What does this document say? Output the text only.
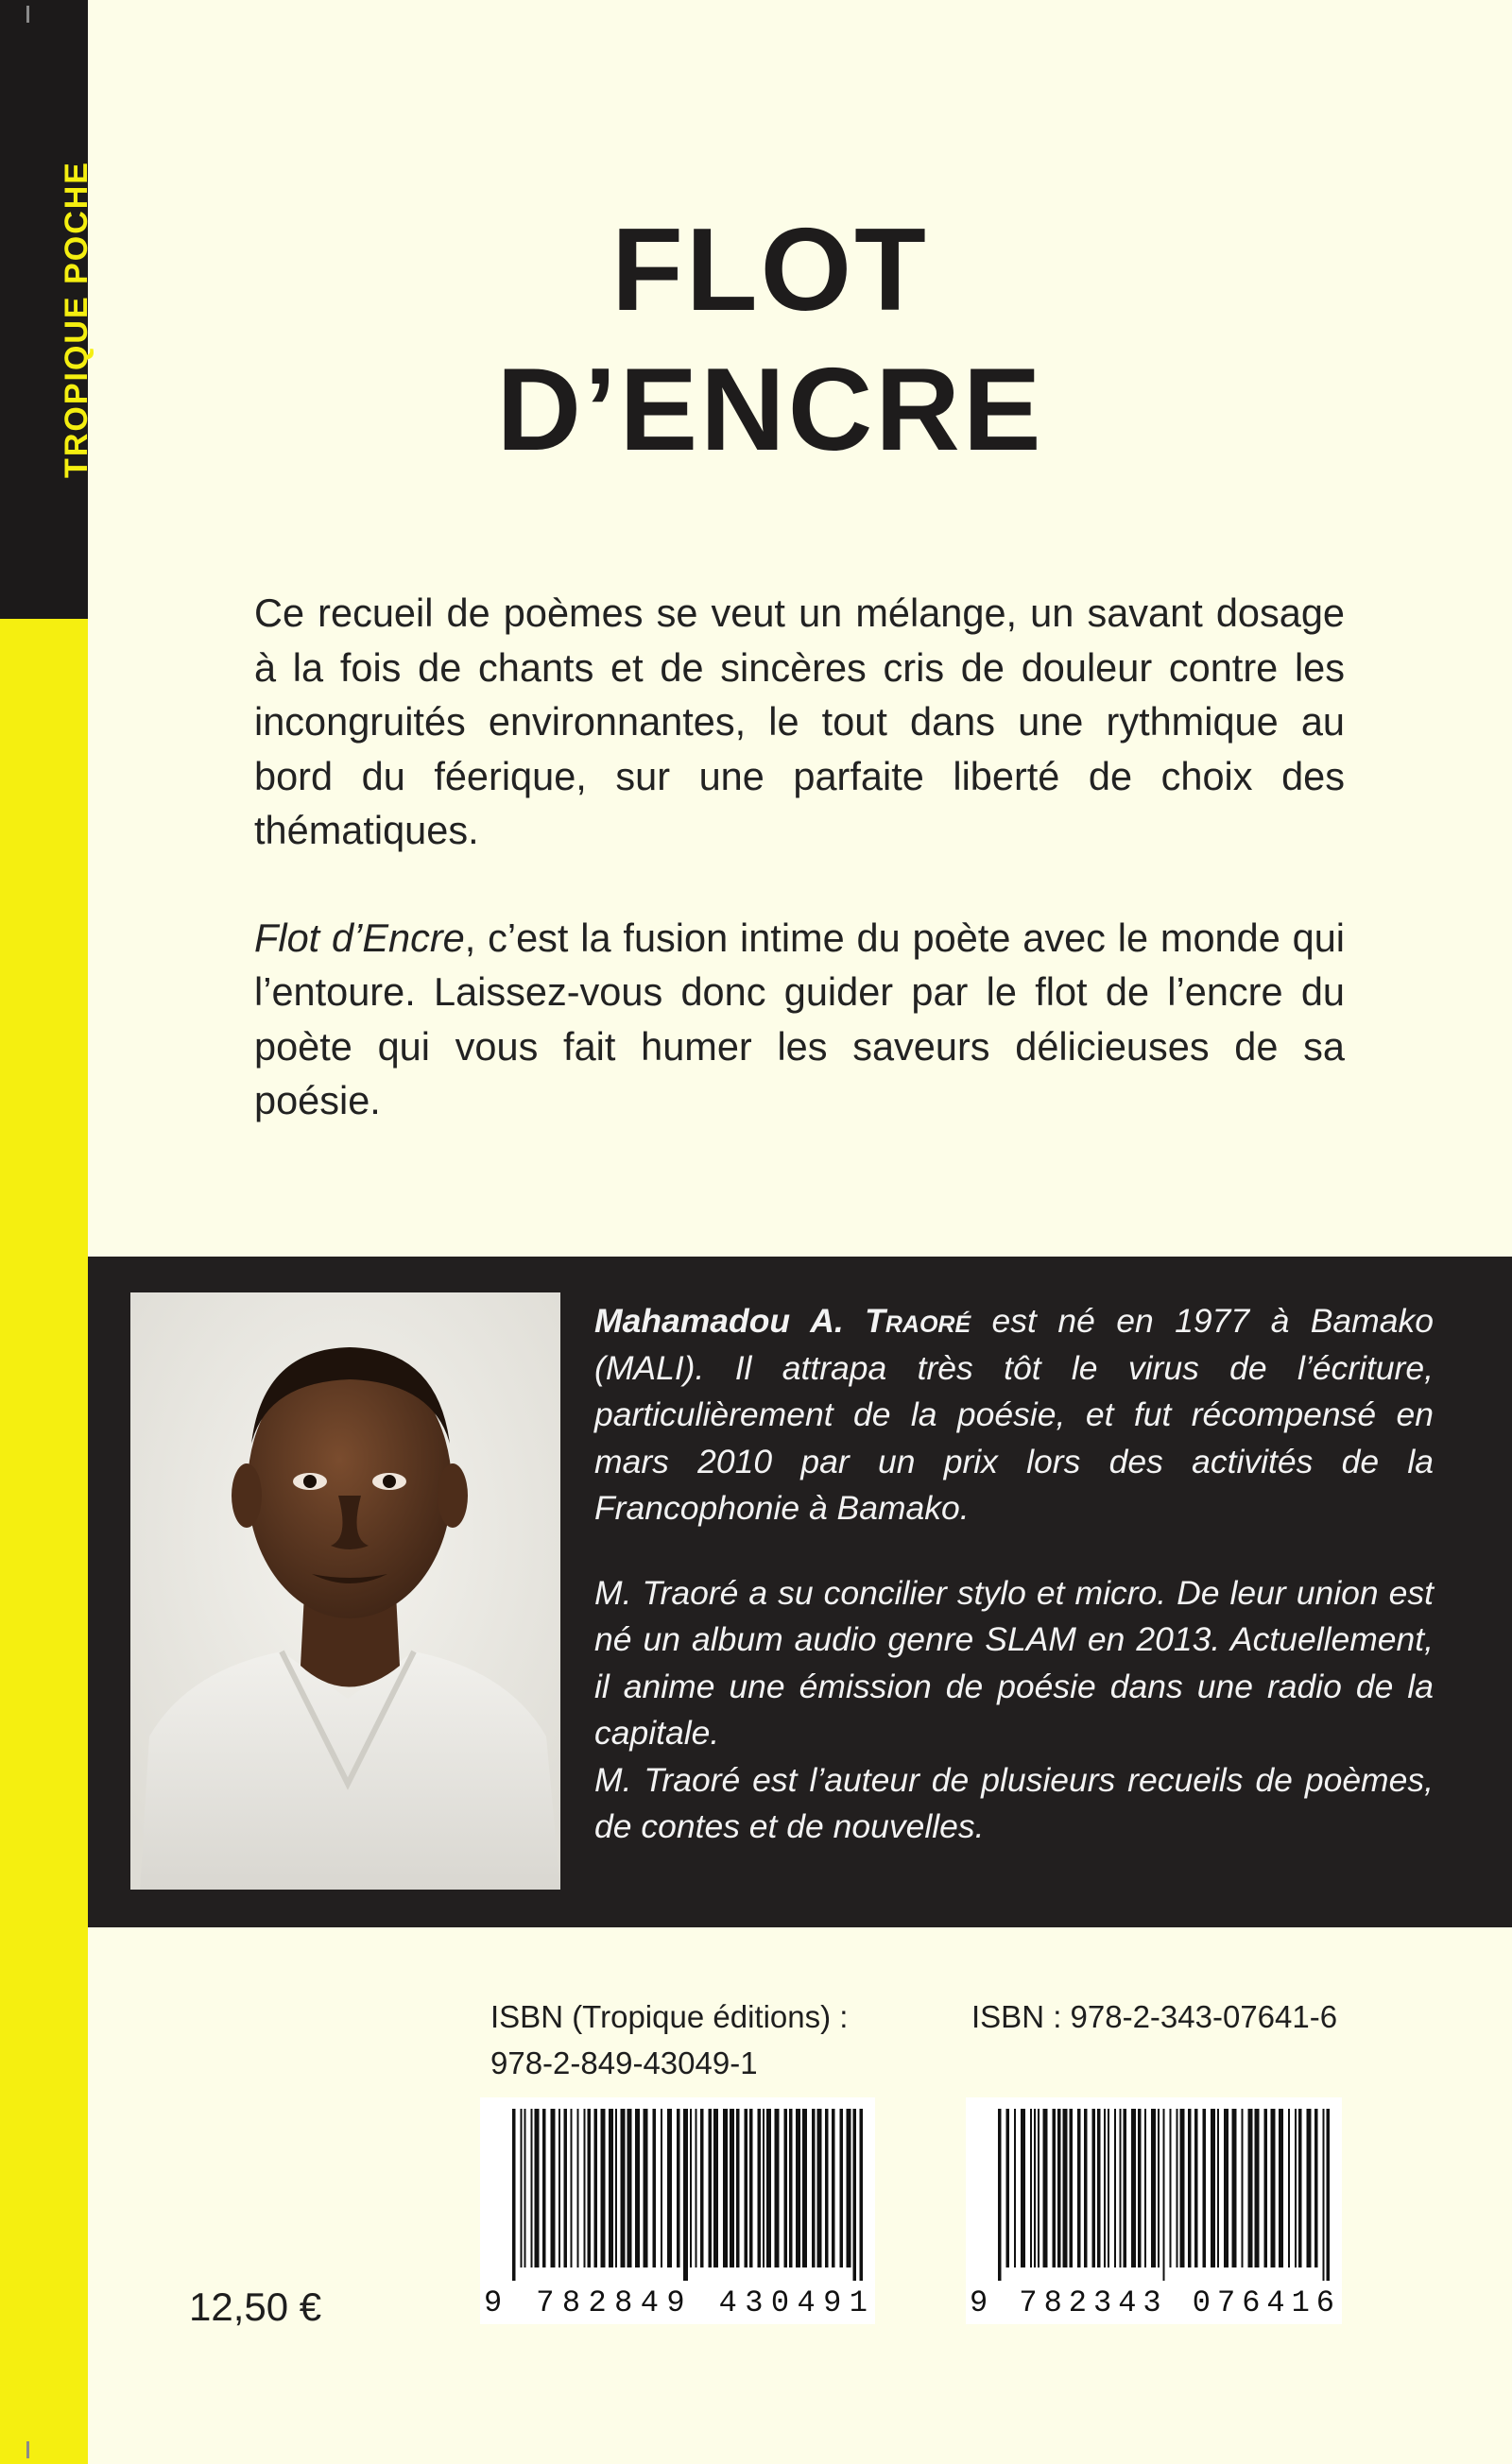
TROPIQUE POCHE	FLOT
D’ENCRE

Ce recueil de poèmes se veut un mélange, un savant dosage à la fois de chants et de sincères cris de douleur contre les incongruités environnantes, le tout dans une rythmique au bord du féerique, sur une parfaite liberté de choix des thématiques.

Flot d’Encre, c’est la fusion intime du poète avec le monde qui l’entoure. Laissez-vous donc guider par le flot de l’encre du poète qui vous fait humer les saveurs délicieuses de sa poésie.

Mahamadou A. Traoré est né en 1977 à Bamako (MALI). Il attrapa très tôt le virus de l’écriture, particulièrement de la poésie, et fut récompensé en mars 2010 par un prix lors des activités de la Francophonie à Bamako.

M. Traoré a su concilier stylo et micro. De leur union est né un album audio genre SLAM en 2013. Actuellement, il anime une émission de poésie dans une radio de la capitale.

M. Traoré est l’auteur de plusieurs recueils de poèmes, de contes et de nouvelles.

ISBN (Tropique éditions) :
978-2-849-43049-1
ISBN : 978-2-343-07641-6
9 782849 430491	9 782343 076416
12,50 €
